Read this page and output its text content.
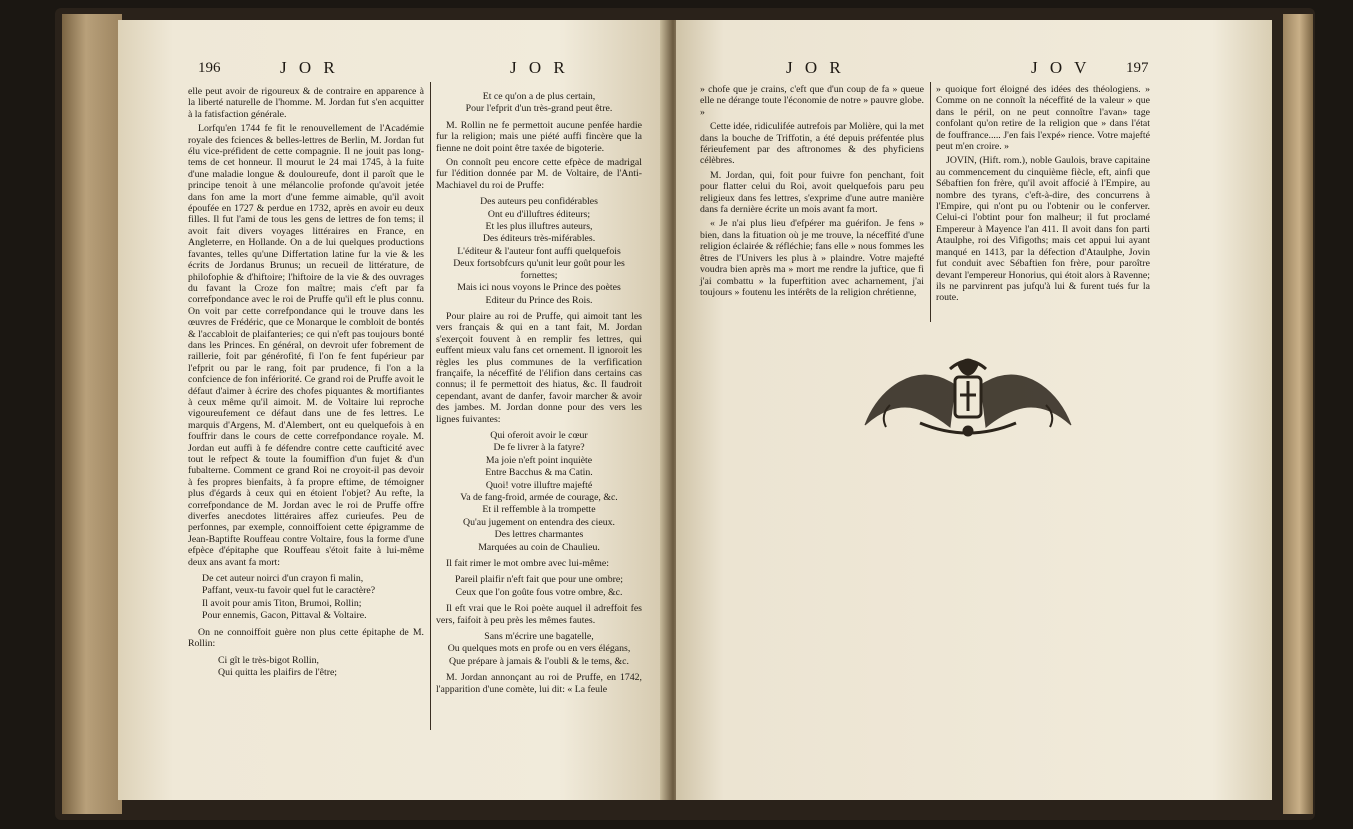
196	J O R	J O R

elle peut avoir de rigoureux & de contraire en apparence à la liberté naturelle de l'homme. M. Jordan fut s'en acquitter à la fatisfaction générale.

Lorfqu'en 1744 fe fit le renouvellement de l'Académie royale des fciences & belles-lettres de Berlin, M. Jordan fut élu vice-préfident de cette compagnie. Il ne jouit pas long-tems de cet honneur. Il mourut le 24 mai 1745, à la fuite d'une maladie longue & douloureufe, dont il paroît que le principe tenoit à une mélancolie profonde qu'avoit jetée dans fon ame la mort d'une femme aimable, qu'il avoit époufée en 1727 & perdue en 1732, après en avoir eu deux filles. Il fut l'ami de tous les gens de lettres de fon tems; il avoit fait divers voyages littéraires en France, en Angleterre, en Hollande. On a de lui quelques productions favantes, telles qu'une Differtation latine fur la vie & les écrits de Jordanus Brunus; un recueil de littérature, de philofophie & d'hiftoire; l'hiftoire de la vie & des ouvrages du favant la Croze fon maître; mais c'eft par fa correfpondance avec le roi de Pruffe qu'il eft le plus connu. On voit par cette correfpondance qui le trouve dans les œuvres de Frédéric, que ce Monarque le combloit de bontés & l'accabloit de plaifanteries; ce qui n'eft pas toujours bonté dans les Princes. En général, on devroit ufer fobrement de raillerie, foit par générofité, fi l'on fe fent fupérieur par l'efprit ou par le rang, foit par prudence, fi l'on a la confcience de fon infériorité. Ce grand roi de Pruffe avoit le défaut d'aimer à écrire des chofes piquantes & mortifiantes à ceux même qu'il aimoit. M. de Voltaire lui reproche vigoureufement ce défaut dans une de fes lettres. Le marquis d'Argens, M. d'Alembert, ont eu quelquefois à en fouffrir dans le cours de cette correfpondance royale. M. Jordan eut auffi à fe défendre contre cette caufticité avec tout le refpect & toute la foumiffion d'un fujet & d'un fubalterne. Comment ce grand Roi ne croyoit-il pas devoir à fes propres bienfaits, à fa propre eftime, de témoigner plus d'égards à ceux qui en étoient l'objet? Au refte, la correfpondance de M. Jordan avec le roi de Pruffe offre diverfes anecdotes littéraires affez curieufes. Peu de perfonnes, par exemple, connoiffoient cette épigramme de Jean-Baptifte Rouffeau contre Voltaire, fous la forme d'une efpèce d'épitaphe que Rouffeau s'étoit faite à lui-même deux ans avant fa mort:

De cet auteur noirci d'un crayon fi malin,
Paffant, veux-tu favoir quel fut le caractère?
Il avoit pour amis Titon, Brumoi, Rollin;
Pour ennemis, Gacon, Pittaval & Voltaire.

On ne connoiffoit guère non plus cette épitaphe de M. Rollin:

Ci gît le très-bigot Rollin,
Qui quitta les plaifirs de l'être;
Et ce qu'on a de plus certain,
Pour l'efprit d'un très-grand peut être.

M. Rollin ne fe permettoit aucune penfée hardie fur la religion; mais une piété auffi fincère que la fienne ne doit point être taxée de bigoterie.

On connoît peu encore cette efpèce de madrigal fur l'édition donnée par M. de Voltaire, de l'Anti-Machiavel du roi de Pruffe:

Des auteurs peu confidérables
Ont eu d'illuftres éditeurs;
Et les plus illuftres auteurs,
Des éditeurs très-miférables.
L'éditeur & l'auteur font auffi quelquefois
Deux fortsobfcurs qu'unit leur goût pour les fornettes;
Mais ici nous voyons le Prince des poètes
Editeur du Prince des Rois.

Pour plaire au roi de Pruffe, qui aimoit tant les vers français & qui en a tant fait, M. Jordan s'exerçoit fouvent à en remplir fes lettres, qui euffent mieux valu fans cet ornement. Il ignoroit les règles les plus communes de la verfification françaife, la néceffité de l'élifion dans certains cas connus; il fe permettoit des hiatus, &c. Il faudroit cependant, avant de danfer, favoir marcher & avoir des jambes. M. Jordan donne pour des vers les lignes fuivantes:

Qui oferoit avoir le cœur
De fe livrer à la fatyre?
Ma joie n'eft point inquiète
Entre Bacchus & ma Catin.
Quoi! votre illuftre majefté
Va de fang-froid, armée de courage, &c.
Et il reffemble à la trompette
Qu'au jugement on entendra des cieux.
Des lettres charmantes
Marquées au coin de Chaulieu.

Il fait rimer le mot ombre avec lui-même:

Pareil plaifir n'eft fait que pour une ombre;
Ceux que l'on goûte fous votre ombre, &c.

Il eft vrai que le Roi poète auquel il adreffoit fes vers, faifoit à peu près les mêmes fautes.

Sans m'écrire une bagatelle,
Ou quelques mots en profe ou en vers élégans,
Que prépare à jamais & l'oubli & le tems, &c.

M. Jordan annonçant au roi de Pruffe, en 1742, l'apparition d'une comète, lui dit: « La feule

J O R	J O V 197

» chofe que je crains, c'eft que d'un coup de fa » queue elle ne dérange toute l'économie de notre » pauvre globe. »

Cette idée, ridiculifée autrefois par Molière, qui la met dans la bouche de Triffotin, a été depuis préfentée plus férieufement par des aftronomes & des phyficiens célèbres.

M. Jordan, qui, foit pour fuivre fon penchant, foit pour flatter celui du Roi, avoit quelquefois paru peu religieux dans fes lettres, s'exprime d'une autre manière dans fa dernière écrite un mois avant fa mort.

« Je n'ai plus lieu d'efpérer ma guérifon. Je fens » bien, dans la fituation où je me trouve, la néceffité d'une religion éclairée & réfléchie; fans elle » nous fommes les êtres de l'Univers les plus à » plaindre. Votre majefté voudra bien après ma » mort me rendre la juftice, que fi j'ai combattu » la fuperftition avec acharnement, j'ai toujours » foutenu les intérêts de la religion chrétienne,

» quoique fort éloigné des idées des théologiens. » Comme on ne connoît la néceffité de la valeur » que dans le péril, on ne peut connoître l'avan» tage confolant qu'on retire de la religion que » dans l'état de fouffrance..... J'en fais l'expé» rience. Votre majefté peut m'en croire. »

JOVIN, (Hift. rom.), noble Gaulois, brave capitaine au commencement du cinquième fiècle, eft, ainfi que Sébaftien fon frère, qu'il avoit affocié à l'Empire, au nombre des tyrans, c'eft-à-dire, des concurrens à l'Empire, qui n'ont pu ou l'obtenir ou le conferver. Celui-ci l'obtint pour fon malheur; il fut proclamé Empereur à Mayence l'an 411. Il avoit dans fon parti Ataulphe, roi des Vifigoths; mais cet appui lui ayant manqué en 1413, par la défection d'Ataulphe, Jovin fut conduit avec Sébaftien fon frère, pour paroître devant l'empereur Honorius, qui étoit alors à Ravenne; ils ne parvinrent pas jufqu'à lui & furent tués fur la route.
